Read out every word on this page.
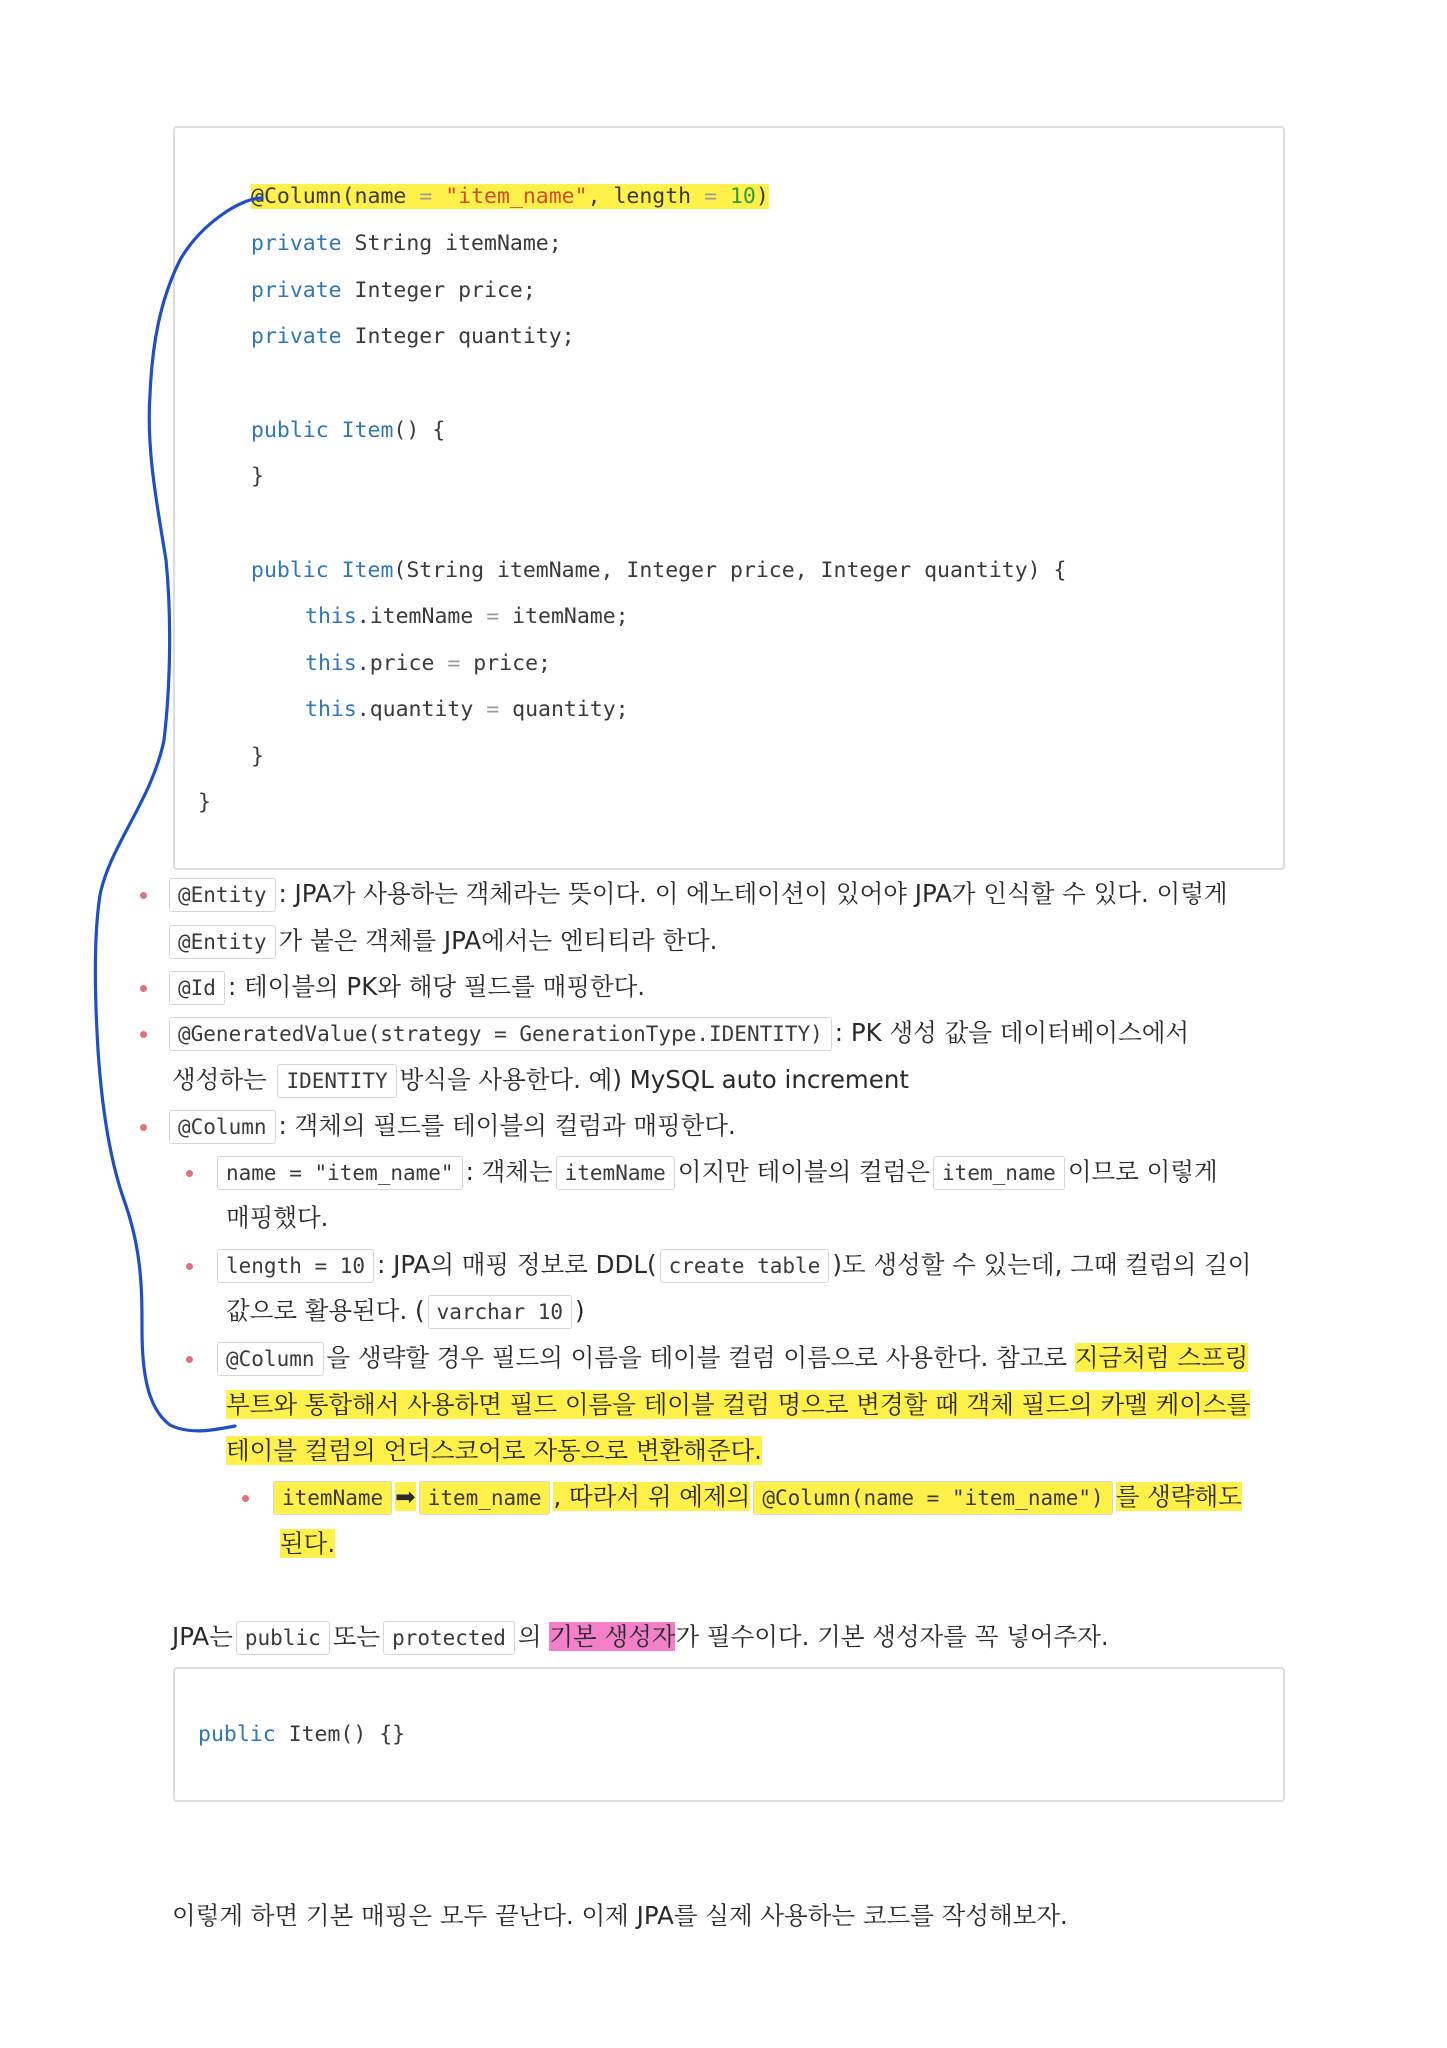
@Column(name = "item_name", length = 10)
private String itemName;
private Integer price;
private Integer quantity;
public Item() {
}
public Item(String itemName, Integer price, Integer quantity) {
this.itemName = itemName;
this.price = price;
this.quantity = quantity;
}
}
@Entity : JPA가 사용하는 객체라는 뜻이다. 이 에노테이션이 있어야 JPA가 인식할 수 있다. 이렇게
@Entity 가 붙은 객체를 JPA에서는 엔티티라 한다.
@Id : 테이블의 PK와 해당 필드를 매핑한다.
@GeneratedValue(strategy = GenerationType.IDENTITY) : PK 생성 값을 데이터베이스에서
생성하는 IDENTITY 방식을 사용한다. 예) MySQL auto increment
@Column : 객체의 필드를 테이블의 컬럼과 매핑한다.
name = "item_name" : 객체는 itemName 이지만 테이블의 컬럼은 item_name 이므로 이렇게
매핑했다.
length = 10 : JPA의 매핑 정보로 DDL( create table )도 생성할 수 있는데, 그때 컬럼의 길이
값으로 활용된다. ( varchar 10 )
@Column 을 생략할 경우 필드의 이름을 테이블 컬럼 이름으로 사용한다. 참고로 지금처럼 스프링
부트와 통합해서 사용하면 필드 이름을 테이블 컬럼 명으로 변경할 때 객체 필드의 카멜 케이스를
테이블 컬럼의 언더스코어로 자동으로 변환해준다.
itemName ➡ item_name , 따라서 위 예제의 @Column(name = "item_name") 를 생략해도
된다.
JPA는 public 또는 protected 의 기본 생성자가 필수이다. 기본 생성자를 꼭 넣어주자.
public Item() {}
이렇게 하면 기본 매핑은 모두 끝난다. 이제 JPA를 실제 사용하는 코드를 작성해보자.
